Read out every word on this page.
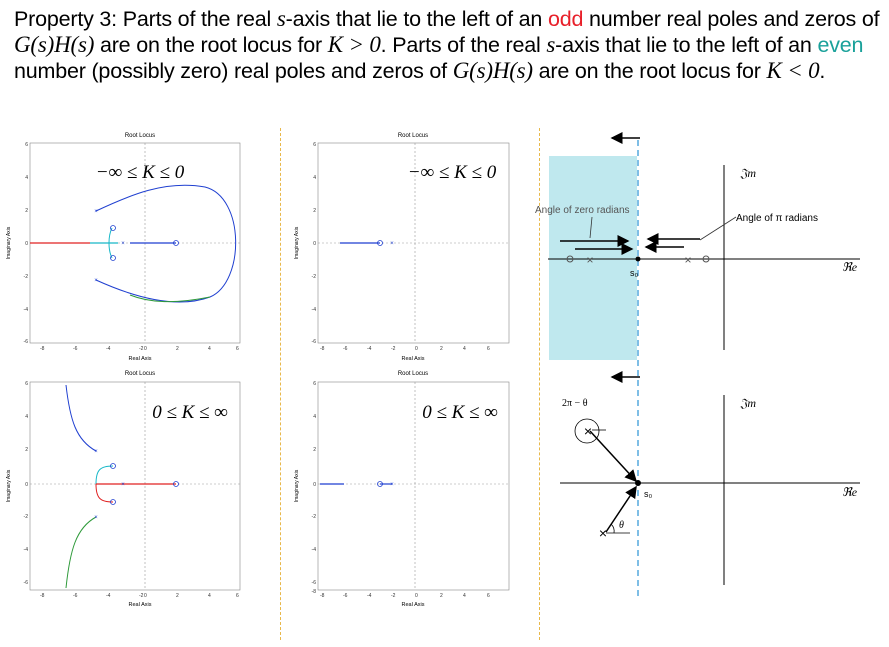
Property 3: Parts of the real s-axis that lie to the left of an odd number real poles and zeros of G(s)H(s) are on the root locus for K > 0. Parts of the real s-axis that lie to the left of an even number (possibly zero) real poles and zeros of G(s)H(s) are on the root locus for K < 0.
Root Locus
-8	-6	-4	-2 0	2	4	6
6
4
2
0
-2
-4
-6
Real Axis
Imaginary Axis
−∞ ≤ K ≤ 0
×
×
×
Root Locus
-8	-6	-4	-2	0	2	4	6
6
4
2
0
-2
-4
-6
Real Axis
Imaginary Axis
−∞ ≤ K ≤ 0
×
Root Locus
-8	-6	-4	-2 0	2	4	6
6
4
2
0
-2
-4
-6
Real Axis
Imaginary Axis
0 ≤ K ≤ ∞
×
×
×
Root Locus
-8	-6	-4	-2	0	2	4	6
6
4
2
0
-2
-4
-6
-8
Real Axis
Imaginary Axis
0 ≤ K ≤ ∞
×
𝔍m
ℜe
Angle of zero radians
Angle of π radians
×	×
s₀
𝔍m
ℜe
2π − θ
×
× θ
s₀
